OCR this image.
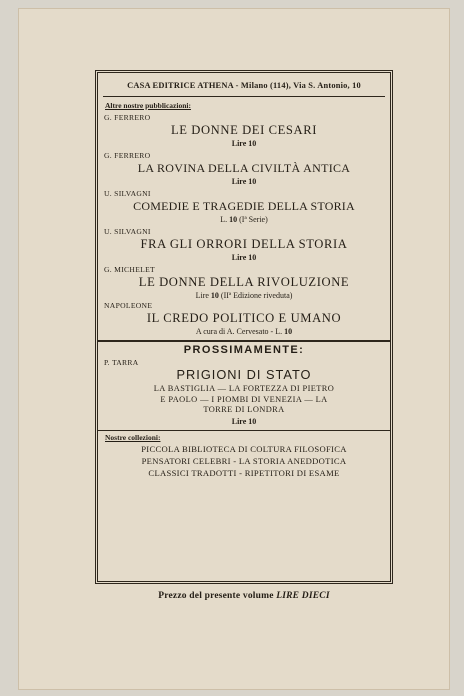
CASA EDITRICE ATHENA - Milano (114), Via S. Antonio, 10
Altre nostre pubblicazioni:
G. FERRERO
LE DONNE DEI CESARI
Lire 10
G. FERRERO
LA ROVINA DELLA CIVILTÀ ANTICA
Lire 10
U. SILVAGNI
COMEDIE E TRAGEDIE DELLA STORIA
L. 10 (Iª Serie)
U. SILVAGNI
FRA GLI ORRORI DELLA STORIA
Lire 10
G. MICHELET
LE DONNE DELLA RIVOLUZIONE
Lire 10 (IIª Edizione riveduta)
NAPOLEONE
IL CREDO POLITICO E UMANO
A cura di A. Cervesato - L. 10
PROSSIMAMENTE:
P. TARRA
PRIGIONI DI STATO
LA BASTIGLIA — LA FORTEZZA DI PIETRO
E PAOLO — I PIOMBI DI VENEZIA — LA
TORRE DI LONDRA
Lire 10
Nostre collezioni:
PICCOLA BIBLIOTECA DI COLTURA FILOSOFICA
PENSATORI CELEBRI - LA STORIA ANEDDOTICA
CLASSICI TRADOTTI - RIPETITORI DI ESAME
Prezzo del presente volume LIRE DIECI
